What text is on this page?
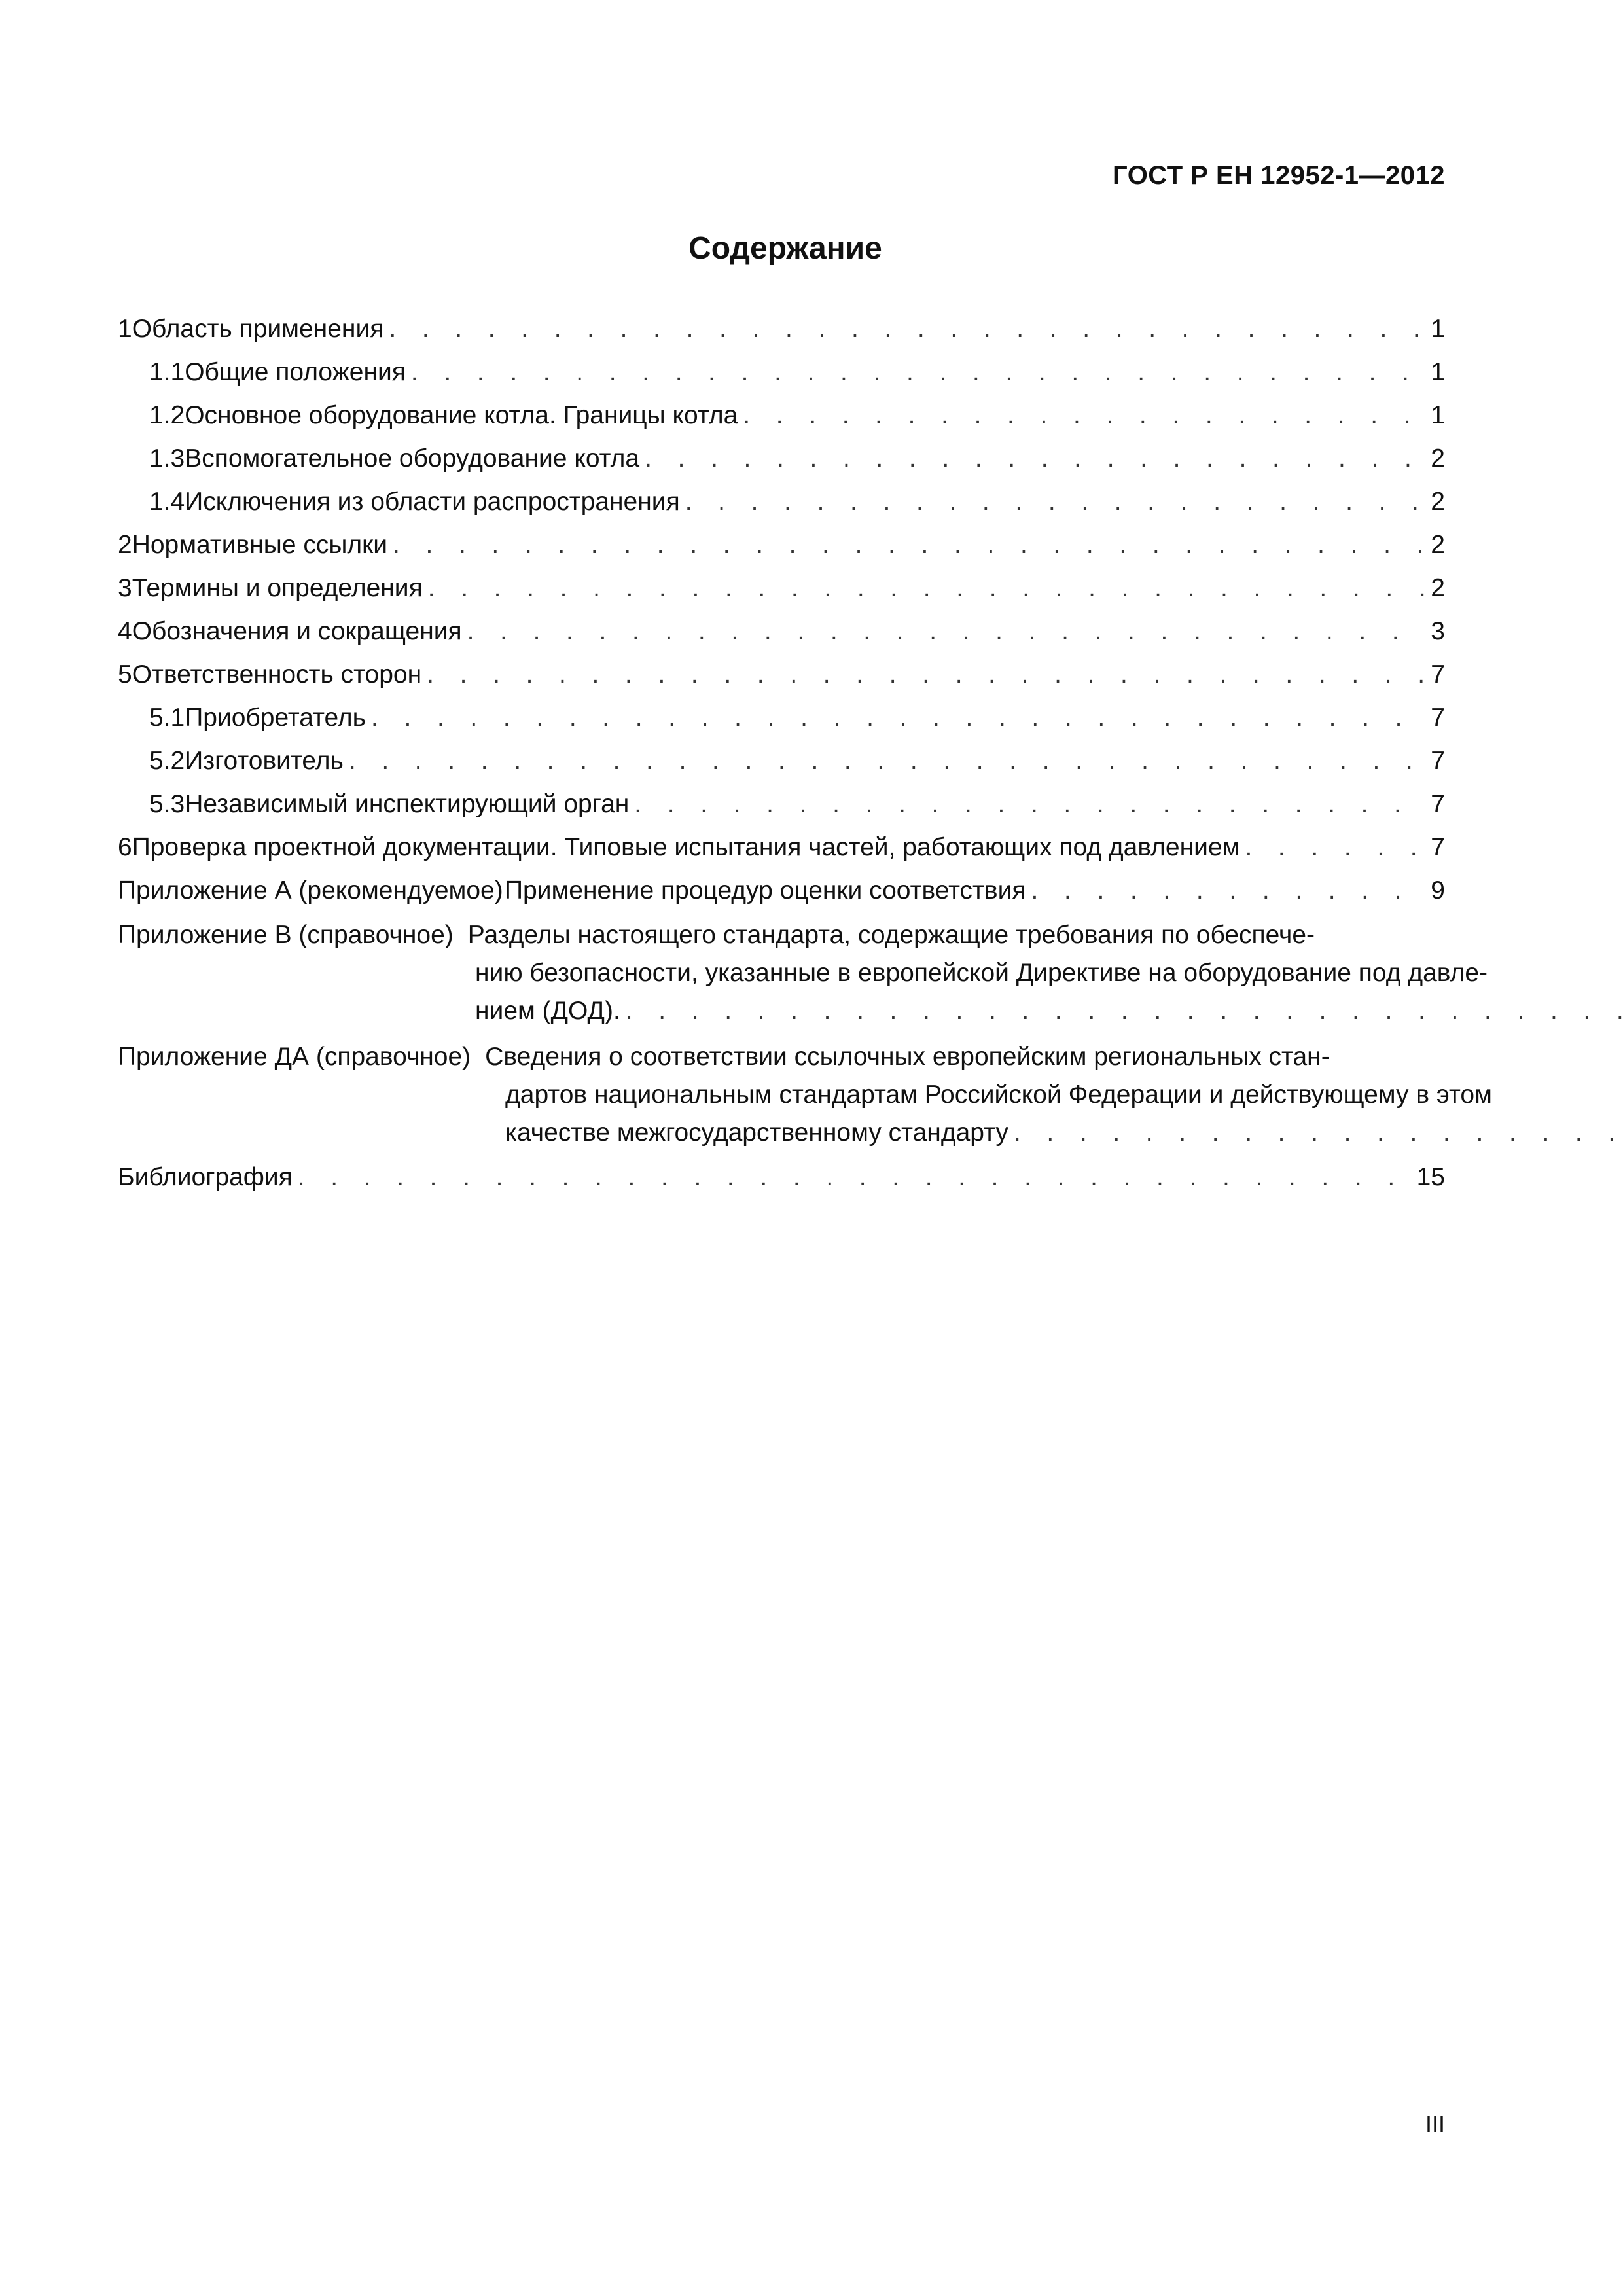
ГОСТ Р ЕН 12952-1—2012
Содержание
1 Область применения . . .	1
1.1 Общие положения . . .	1
1.2 Основное оборудование котла. Границы котла . . .	1
1.3 Вспомогательное оборудование котла . . .	2
1.4 Исключения из области распространения . . .	2
2 Нормативные ссылки . . .	2
3 Термины и определения . . .	2
4 Обозначения и сокращения . . .	3
5 Ответственность сторон . . .	7
5.1 Приобретатель . . .	7
5.2 Изготовитель . . .	7
5.3 Независимый инспектирующий орган . . .	7
6 Проверка проектной документации. Типовые испытания частей, работающих под давлением . . .	7
Приложение А (рекомендуемое) Применение процедур оценки соответствия . . .	9
Приложение В (справочное) Разделы настоящего стандарта, содержащие требования по обеспече-
нию безопасности, указанные в европейской Директиве на оборудование под давле-
нием (ДОД).
. . .
Приложение ДА (справочное) Сведения о соответствии ссылочных европейским региональных стан-
дартов национальным стандартам Российской Федерации и действующему в этом
качестве межгосударственному стандарту
. . .
Библиография . . .	15
III
